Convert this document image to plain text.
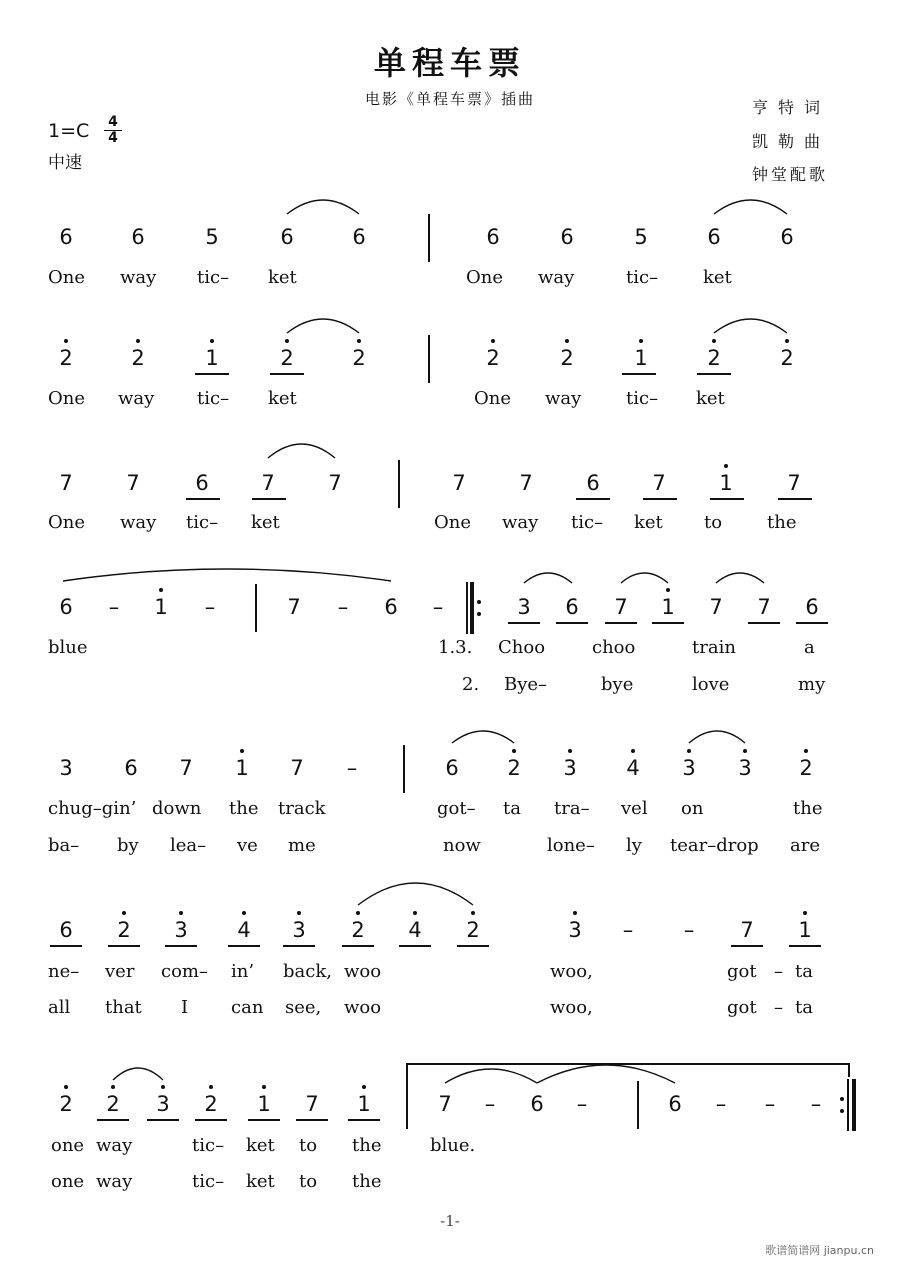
单程车票
电影《单程车票》插曲
1=C 4
4
中速
亨特词
凯勒曲
钟堂配歌
6	6	5	6	6	6	6	5	6	6
One way tic– ket	One way	tic– ket
2	2	1	2	2	2	2	1	2	2
One way tic– ket	One way tic– ket
7	7	6	7	7	7	7	6	7	1	7
One way tic– ket	One way tic– ket to the
6 – 1 –	7 – 6 –	3 6 7 1 7 7 6
blue	1.3. Choo	choo	train	a
2. Bye–	bye	love	my
3 6 7 1 7 –	6 2 3 4 3 3 2
chug–gin’ down the track	got– ta tra– vel on	the
ba– by lea– ve me	now	lone– ly tear–drop are
6 2 3 4 3 2 4 2	3 – – 7 1
ne– ver com– in’ back, woo	woo,	got – ta
all that I can see, woo	woo,	got – ta
2 2 3 2 1 7 1	7 – 6 –	6 – – –
one way	tic– ket to the	blue.
one way	tic– ket to the
-1-
歌谱简谱网 jianpu.cn
